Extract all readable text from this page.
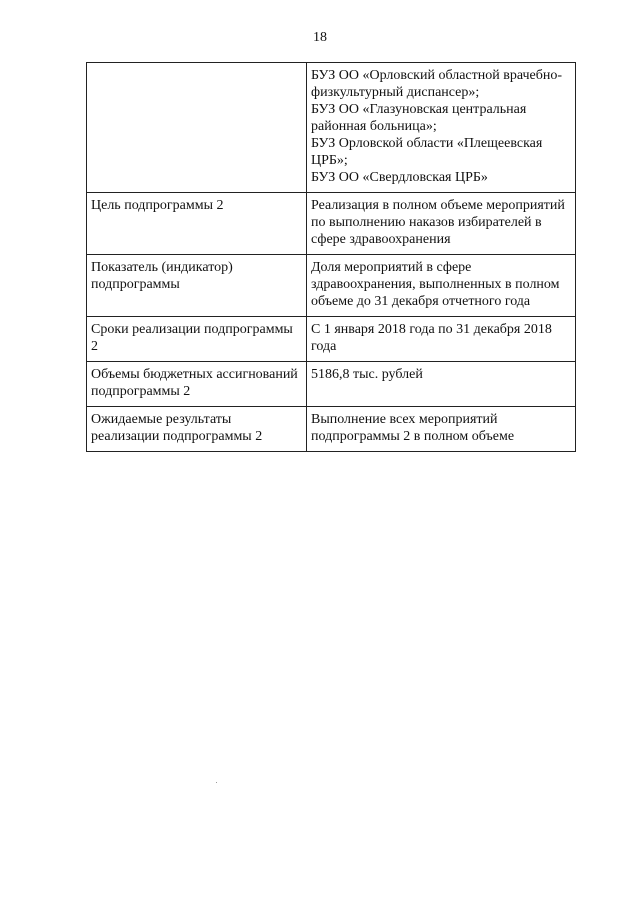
18

	БУЗ ОО «Орловский областной врачебно-физкультурный диспансер»;
БУЗ ОО «Глазуновская центральная районная больница»;
БУЗ Орловской области «Плещеевская ЦРБ»;
БУЗ ОО «Свердловская ЦРБ»

Цель подпрограммы 2	Реализация в полном объеме мероприятий по выполнению наказов избирателей в сфере здравоохранения

Показатель (индикатор) подпрограммы	Доля мероприятий в сфере здравоохранения, выполненных в полном объеме до 31 декабря отчетного года

Сроки реализации подпрограммы 2	С 1 января 2018 года по 31 декабря 2018 года

Объемы бюджетных ассигнований подпрограммы 2	5186,8 тыс. рублей

Ожидаемые результаты реализации подпрограммы 2	Выполнение всех мероприятий подпрограммы 2 в полном объеме
